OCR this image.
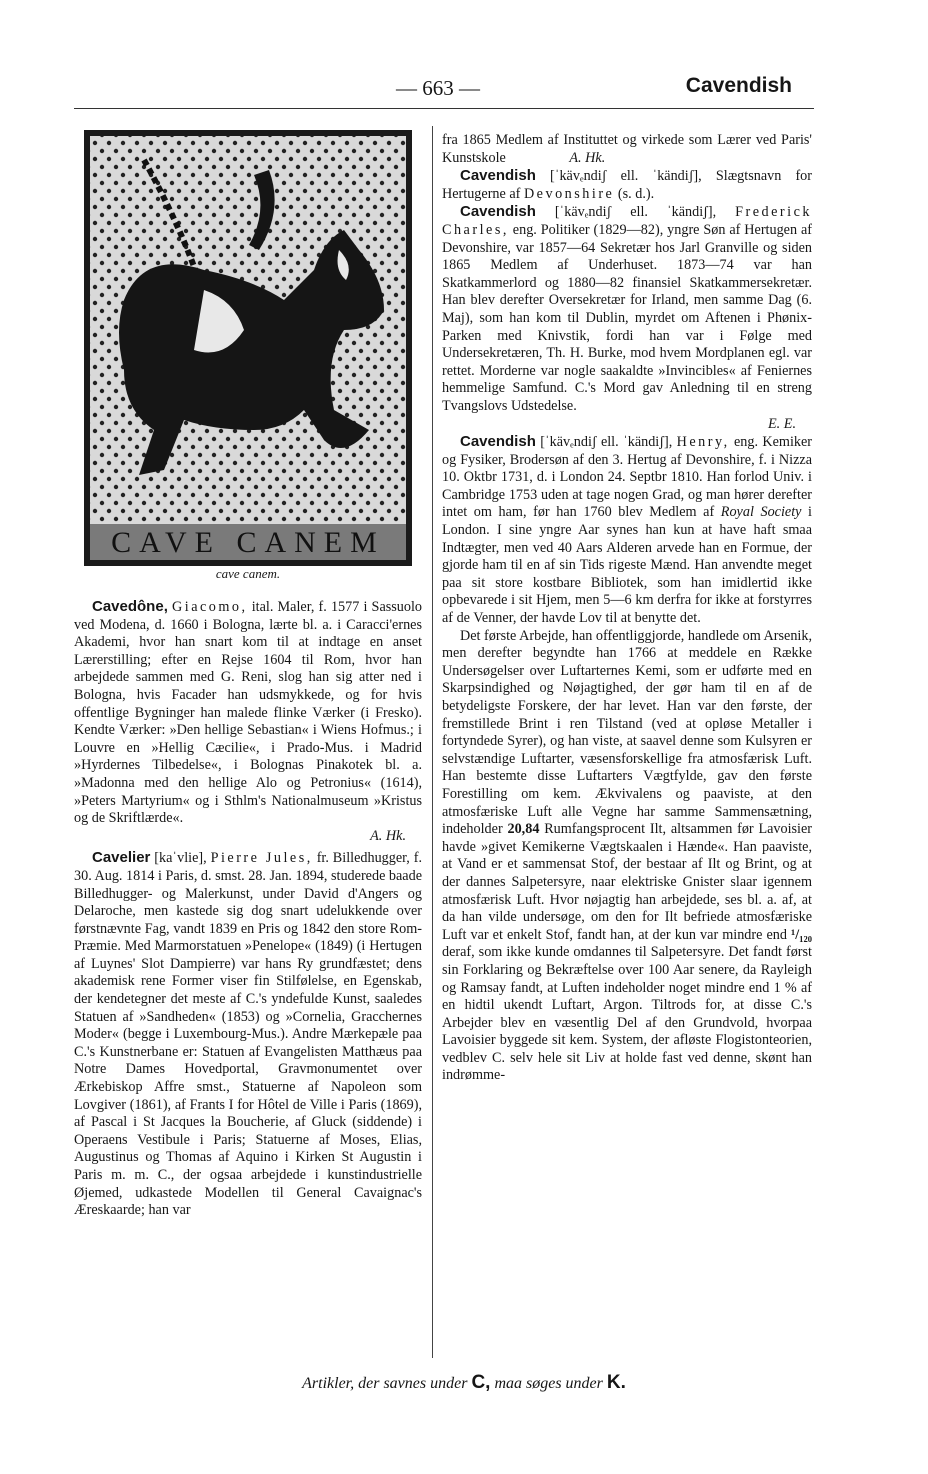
— 663 —	Cavendish
CAVE CANEM
cave canem.

Cavedône, Giacomo, ital. Maler, f. 1577 i Sassuolo ved Modena, d. 1660 i Bologna, lærte bl. a. i Caracci'ernes Akademi, hvor han snart kom til at indtage en anset Lærerstilling; efter en Rejse 1604 til Rom, hvor han arbejdede sammen med G. Reni, slog han sig atter ned i Bologna, hvis Facader han udsmykkede, og for hvis offentlige Bygninger han malede flinke Værker (i Fresko). Kendte Værker: »Den hellige Sebastian« i Wiens Hofmus.; i Louvre en »Hellig Cæcilie«, i Prado-Mus. i Madrid »Hyrdernes Tilbedelse«, i Bolognas Pinakotek bl. a. »Madonna med den hellige Alo og Petronius« (1614), »Peters Martyrium« og i Sthlm's Nationalmuseum »Kristus og de Skriftlærde«.
A. Hk.

Cavelier [kaˈvlie], Pierre Jules, fr. Billedhugger, f. 30. Aug. 1814 i Paris, d. smst. 28. Jan. 1894, studerede baade Billedhugger- og Malerkunst, under David d'Angers og Delaroche, men kastede sig dog snart udelukkende over førstnævnte Fag, vandt 1839 en Pris og 1842 den store Rom-Præmie. Med Marmorstatuen »Penelope« (1849) (i Hertugen af Luynes' Slot Dampierre) var hans Ry grundfæstet; dens akademisk rene Former viser fin Stilfølelse, en Egenskab, der kendetegner det meste af C.'s yndefulde Kunst, saaledes Statuen af »Sandheden« (1853) og »Cornelia, Gracchernes Moder« (begge i Luxembourg-Mus.). Andre Mærkepæle paa C.'s Kunstnerbane er: Statuen af Evangelisten Matthæus paa Notre Dames Hovedportal, Gravmonumentet over Ærkebiskop Affre smst., Statuerne af Napoleon som Lovgiver (1861), af Frants I for Hôtel de Ville i Paris (1869), af Pascal i St Jacques la Boucherie, af Gluck (siddende) i Operaens Vestibule i Paris; Statuerne af Moses, Elias, Augustinus og Thomas af Aquino i Kirken St Augustin i Paris m. m. C., der ogsaa arbejdede i kunstindustrielle Øjemed, udkastede Modellen til General Cavaignac's Æreskaarde; han var

fra 1865 Medlem af Instituttet og virkede som Lærer ved Paris' Kunstskole	A. Hk.

Cavendish [ˈkävₑndiʃ ell. ˈkändiʃ], Slægtsnavn for Hertugerne af Devonshire (s. d.).

Cavendish [ˈkävₑndiʃ ell. ˈkändiʃ], Frederick Charles, eng. Politiker (1829—82), yngre Søn af Hertugen af Devonshire, var 1857—64 Sekretær hos Jarl Granville og siden 1865 Medlem af Underhuset. 1873—74 var han Skatkammerlord og 1880—82 finansiel Skatkammersekretær. Han blev derefter Oversekretær for Irland, men samme Dag (6. Maj), som han kom til Dublin, myrdet om Aftenen i Phønix-Parken med Knivstik, fordi han var i Følge med Undersekretæren, Th. H. Burke, mod hvem Mordplanen egl. var rettet. Morderne var nogle saakaldte »Invincibles« af Feniernes hemmelige Samfund. C.'s Mord gav Anledning til en streng Tvangslovs Udstedelse.
E. E.

Cavendish [ˈkävₑndiʃ ell. ˈkändiʃ], Henry, eng. Kemiker og Fysiker, Brodersøn af den 3. Hertug af Devonshire, f. i Nizza 10. Oktbr 1731, d. i London 24. Septbr 1810. Han forlod Univ. i Cambridge 1753 uden at tage nogen Grad, og man hører derefter intet om ham, før han 1760 blev Medlem af Royal Society i London. I sine yngre Aar synes han kun at have haft smaa Indtægter, men ved 40 Aars Alderen arvede han en Formue, der gjorde ham til en af sin Tids rigeste Mænd. Han anvendte meget paa sit store kostbare Bibliotek, som han imidlertid ikke opbevarede i sit Hjem, men 5—6 km derfra for ikke at forstyrres af de Venner, der havde Lov til at benytte det.

Det første Arbejde, han offentliggjorde, handlede om Arsenik, men derefter begyndte han 1766 at meddele en Række Undersøgelser over Luftarternes Kemi, som er udførte med en Skarpsindighed og Nøjagtighed, der gør ham til en af de betydeligste Forskere, der har levet. Han var den første, der fremstillede Brint i ren Tilstand (ved at opløse Metaller i fortyndede Syrer), og han viste, at saavel denne som Kulsyren er selvstændige Luftarter, væsensforskellige fra atmosfærisk Luft. Han bestemte disse Luftarters Vægtfylde, gav den første Forestilling om kem. Ækvivalens og paaviste, at den atmosfæriske Luft alle Vegne har samme Sammensætning, indeholder 20,84 Rumfangsprocent Ilt, altsammen før Lavoisier havde »givet Kemikerne Vægtskaalen i Hænde«. Han paaviste, at Vand er et sammensat Stof, der bestaar af Ilt og Brint, og at der dannes Salpetersyre, naar elektriske Gnister slaar igennem atmosfærisk Luft. Hvor nøjagtig han arbejdede, ses bl. a. af, at da han vilde undersøge, om den for Ilt befriede atmosfæriske Luft var et enkelt Stof, fandt han, at der kun var mindre end ¹/₁₂₀ deraf, som ikke kunde omdannes til Salpetersyre. Det fandt først sin Forklaring og Bekræftelse over 100 Aar senere, da Rayleigh og Ramsay fandt, at Luften indeholder noget mindre end 1 % af en hidtil ukendt Luftart, Argon. Tiltrods for, at disse C.'s Arbejder blev en væsentlig Del af den Grundvold, hvorpaa Lavoisier byggede sit kem. System, der afløste Flogistonteorien, vedblev C. selv hele sit Liv at holde fast ved denne, skønt han indrømme-

Artikler, der savnes under C, maa søges under K.
